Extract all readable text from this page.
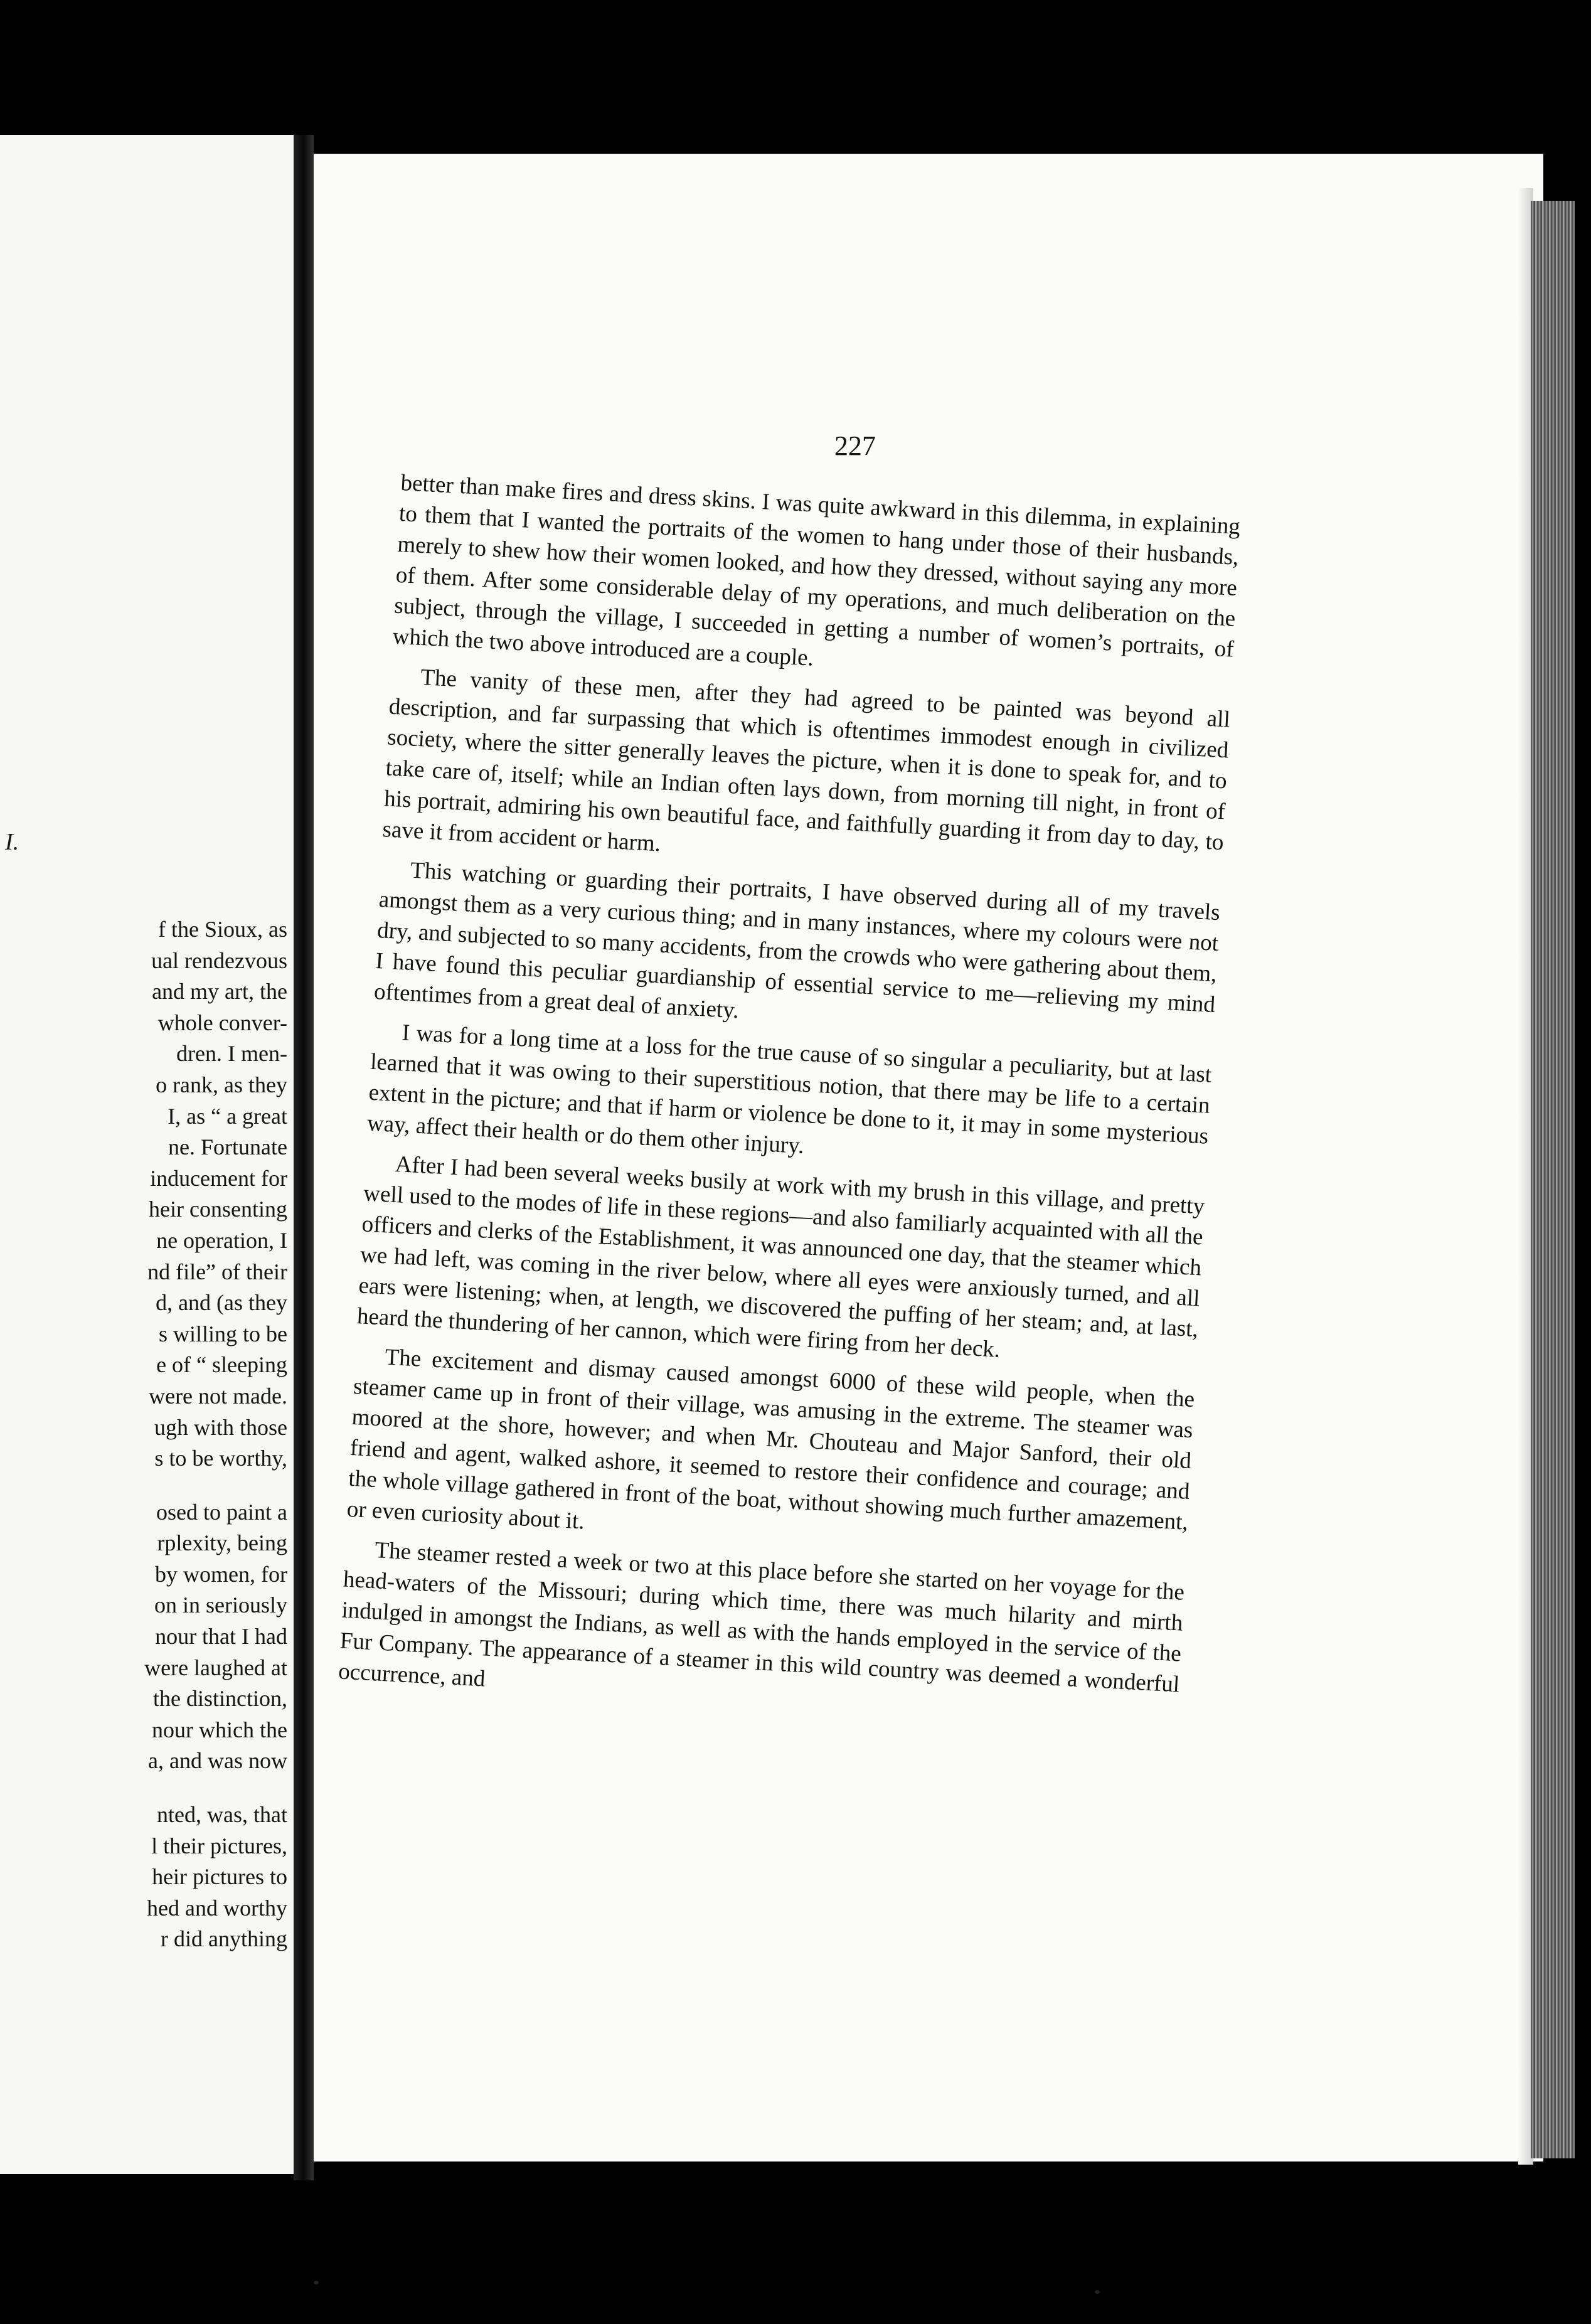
I.
f the Sioux, as
ual rendezvous
and my art, the
whole conver-
dren. I men-
o rank, as they
I, as “ a great
ne. Fortunate
inducement for
heir consenting
ne operation, I
nd file” of their
d, and (as they
s willing to be
e of “ sleeping
were not made.
ugh with those
s to be worthy,
osed to paint a
rplexity, being
by women, for
on in seriously
nour that I had
were laughed at
the distinction,
nour which the
a, and was now
nted, was, that
l their pictures,
heir pictures to
hed and worthy
r did anything
227

better than make fires and dress skins. I was quite awkward in this dilemma, in explaining to them that I wanted the portraits of the women to hang under those of their husbands, merely to shew how their women looked, and how they dressed, without saying any more of them. After some considerable delay of my operations, and much deliberation on the subject, through the village, I succeeded in getting a number of women’s portraits, of which the two above introduced are a couple.

The vanity of these men, after they had agreed to be painted was beyond all description, and far surpassing that which is oftentimes immodest enough in civilized society, where the sitter generally leaves the picture, when it is done to speak for, and to take care of, itself; while an Indian often lays down, from morning till night, in front of his portrait, admiring his own beautiful face, and faithfully guarding it from day to day, to save it from accident or harm.

This watching or guarding their portraits, I have observed during all of my travels amongst them as a very curious thing; and in many instances, where my colours were not dry, and subjected to so many accidents, from the crowds who were gathering about them, I have found this peculiar guardianship of essential service to me—relieving my mind oftentimes from a great deal of anxiety.

I was for a long time at a loss for the true cause of so singular a peculiarity, but at last learned that it was owing to their superstitious notion, that there may be life to a certain extent in the picture; and that if harm or violence be done to it, it may in some mysterious way, affect their health or do them other injury.

After I had been several weeks busily at work with my brush in this village, and pretty well used to the modes of life in these regions—and also familiarly acquainted with all the officers and clerks of the Establishment, it was announced one day, that the steamer which we had left, was coming in the river below, where all eyes were anxiously turned, and all ears were listening; when, at length, we discovered the puffing of her steam; and, at last, heard the thundering of her cannon, which were firing from her deck.

The excitement and dismay caused amongst 6000 of these wild people, when the steamer came up in front of their village, was amusing in the extreme. The steamer was moored at the shore, however; and when Mr. Chouteau and Major Sanford, their old friend and agent, walked ashore, it seemed to restore their confidence and courage; and the whole village gathered in front of the boat, without showing much further amazement, or even curiosity about it.

The steamer rested a week or two at this place before she started on her voyage for the head-waters of the Missouri; during which time, there was much hilarity and mirth indulged in amongst the Indians, as well as with the hands employed in the service of the Fur Company. The appearance of a steamer in this wild country was deemed a wonderful occurrence, and
